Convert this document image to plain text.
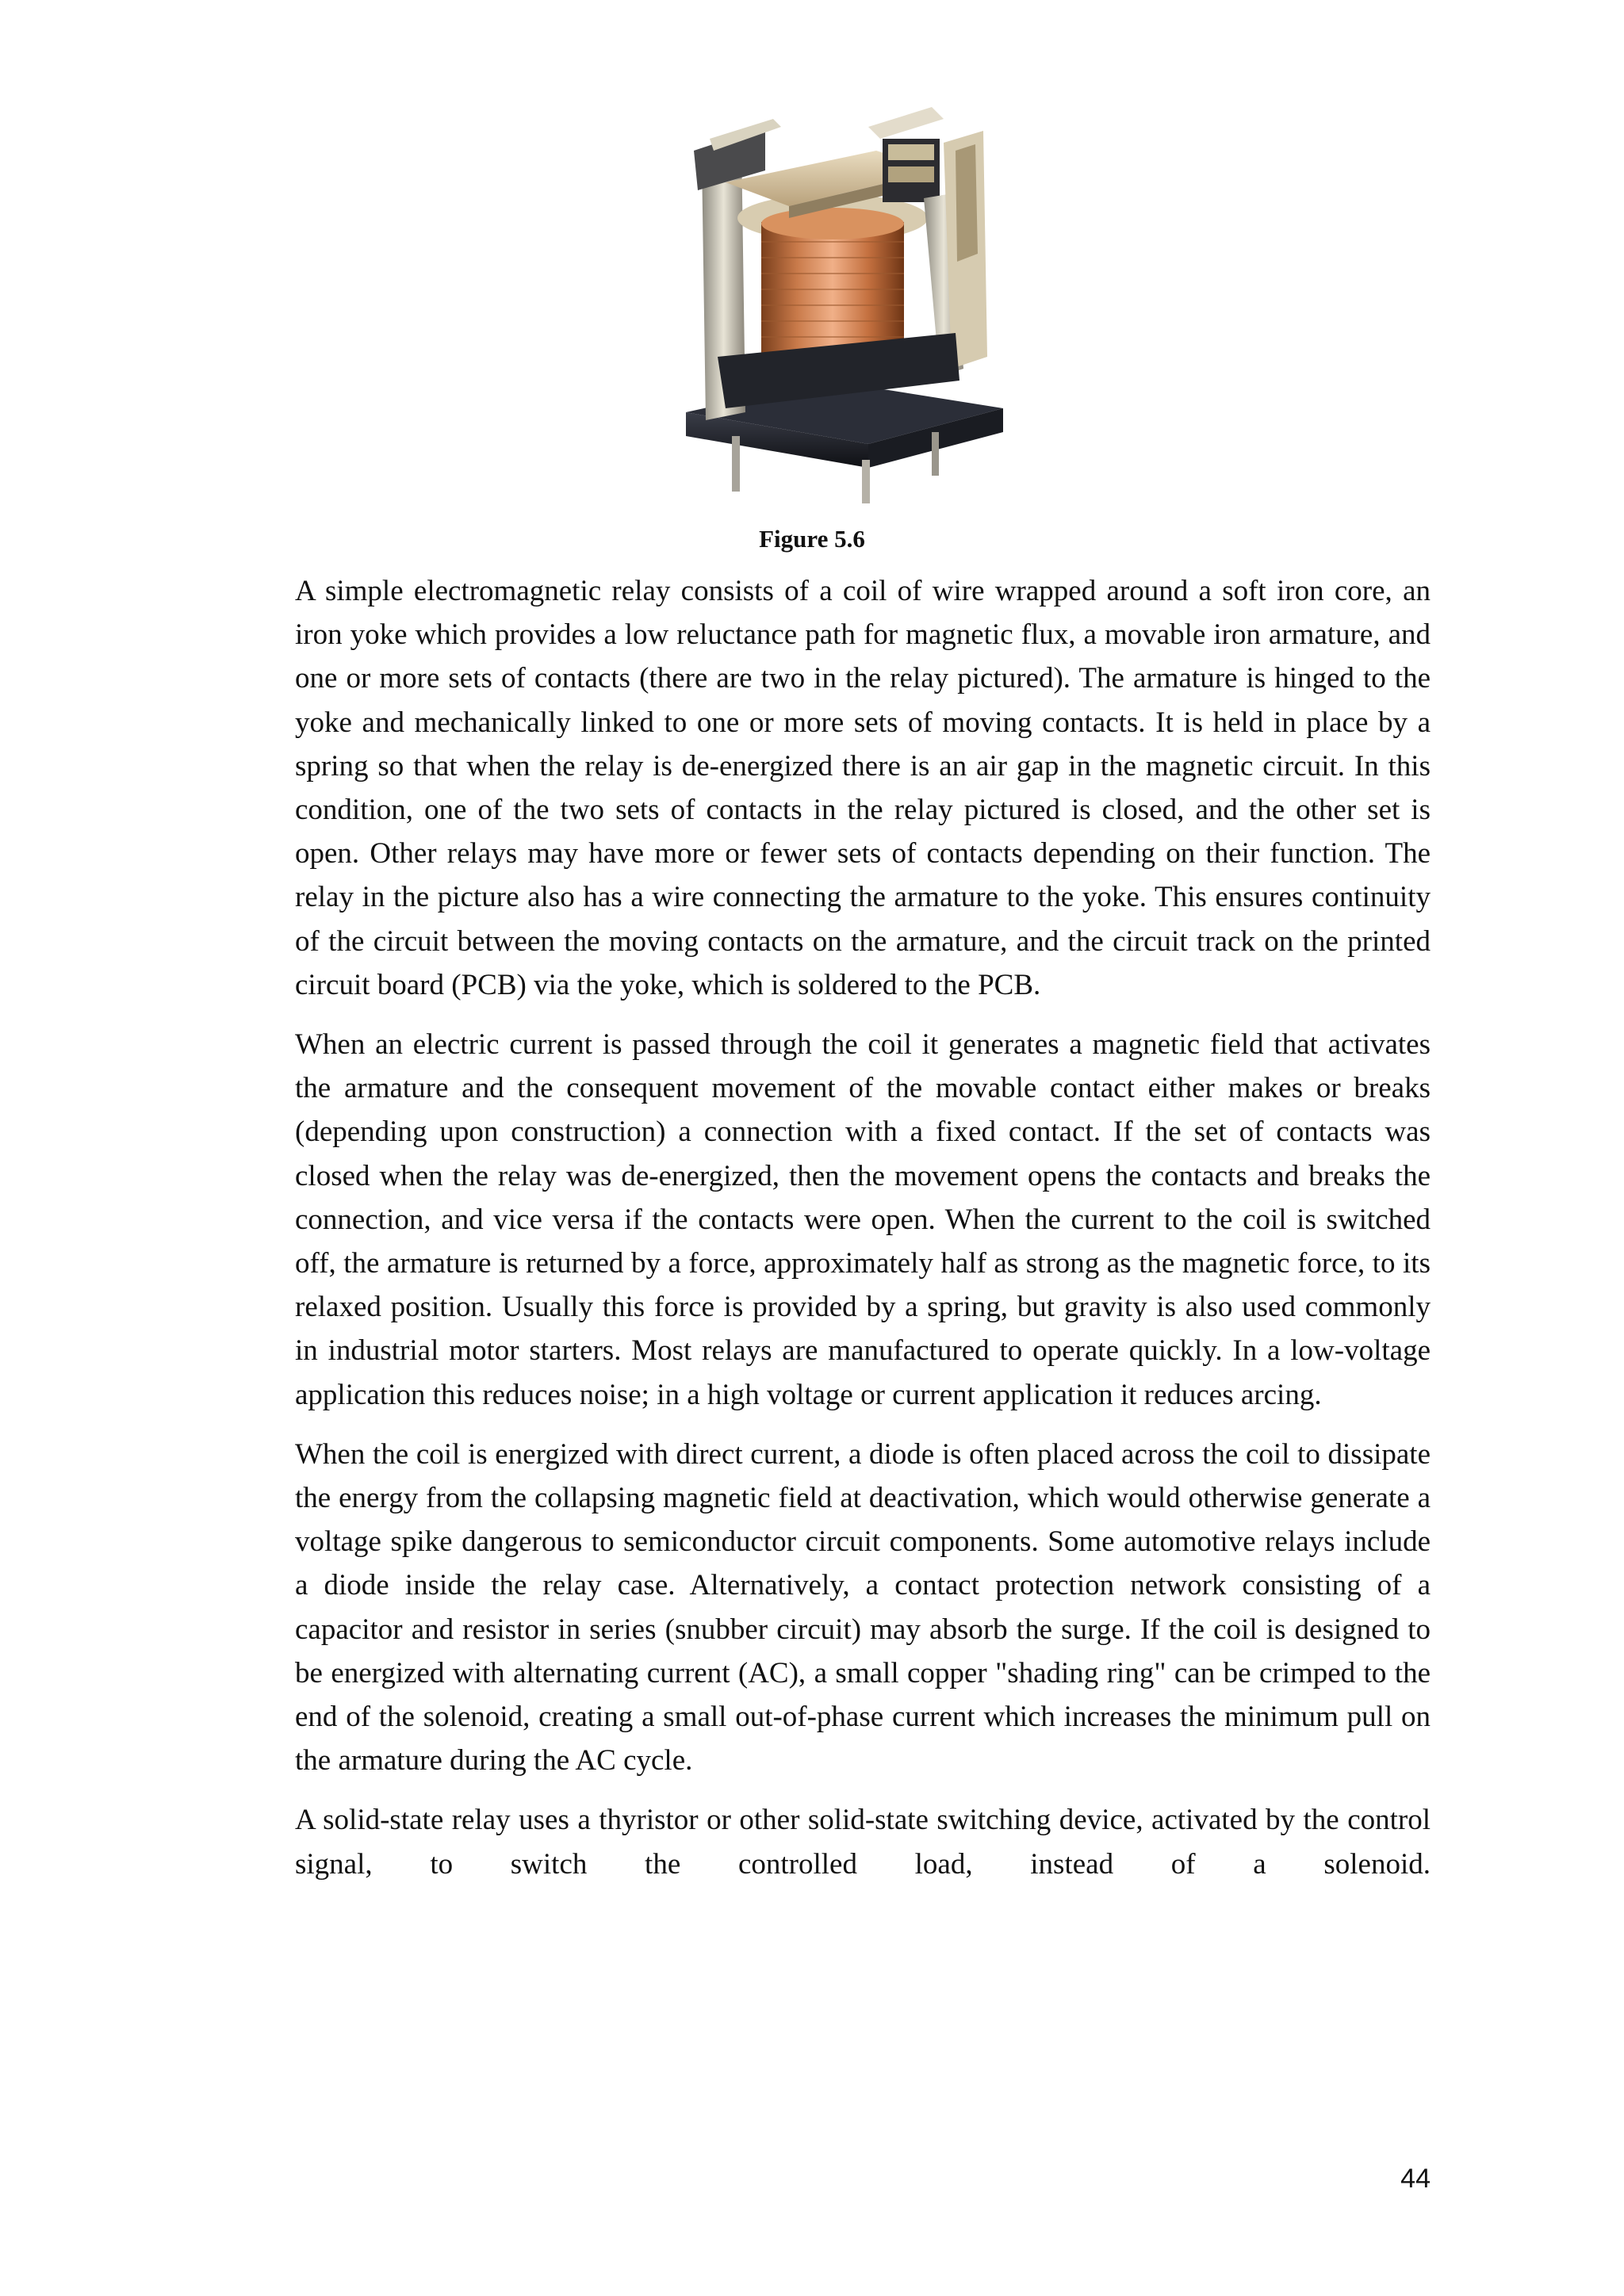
Figure 5.6

A simple electromagnetic relay consists of a coil of wire wrapped around a soft iron core, an iron yoke which provides a low reluctance path for magnetic flux, a movable iron armature, and one or more sets of contacts (there are two in the relay pictured). The armature is hinged to the yoke and mechanically linked to one or more sets of moving contacts. It is held in place by a spring so that when the relay is de-energized there is an air gap in the magnetic circuit. In this condition, one of the two sets of contacts in the relay pictured is closed, and the other set is open. Other relays may have more or fewer sets of contacts depending on their function. The relay in the picture also has a wire connecting the armature to the yoke. This ensures continuity of the circuit between the moving contacts on the armature, and the circuit track on the printed circuit board (PCB) via the yoke, which is soldered to the PCB.

When an electric current is passed through the coil it generates a magnetic field that activates the armature and the consequent movement of the movable contact either makes or breaks (depending upon construction) a connection with a fixed contact. If the set of contacts was closed when the relay was de-energized, then the movement opens the contacts and breaks the connection, and vice versa if the contacts were open. When the current to the coil is switched off, the armature is returned by a force, approximately half as strong as the magnetic force, to its relaxed position. Usually this force is provided by a spring, but gravity is also used commonly in industrial motor starters. Most relays are manufactured to operate quickly. In a low-voltage application this reduces noise; in a high voltage or current application it reduces arcing.

When the coil is energized with direct current, a diode is often placed across the coil to dissipate the energy from the collapsing magnetic field at deactivation, which would otherwise generate a voltage spike dangerous to semiconductor circuit components. Some automotive relays include a diode inside the relay case. Alternatively, a contact protection network consisting of a capacitor and resistor in series (snubber circuit) may absorb the surge. If the coil is designed to be energized with alternating current (AC), a small copper "shading ring" can be crimped to the end of the solenoid, creating a small out-of-phase current which increases the minimum pull on the armature during the AC cycle.

A solid-state relay uses a thyristor or other solid-state switching device, activated by the control signal, to switch the controlled load, instead of a solenoid.

44
